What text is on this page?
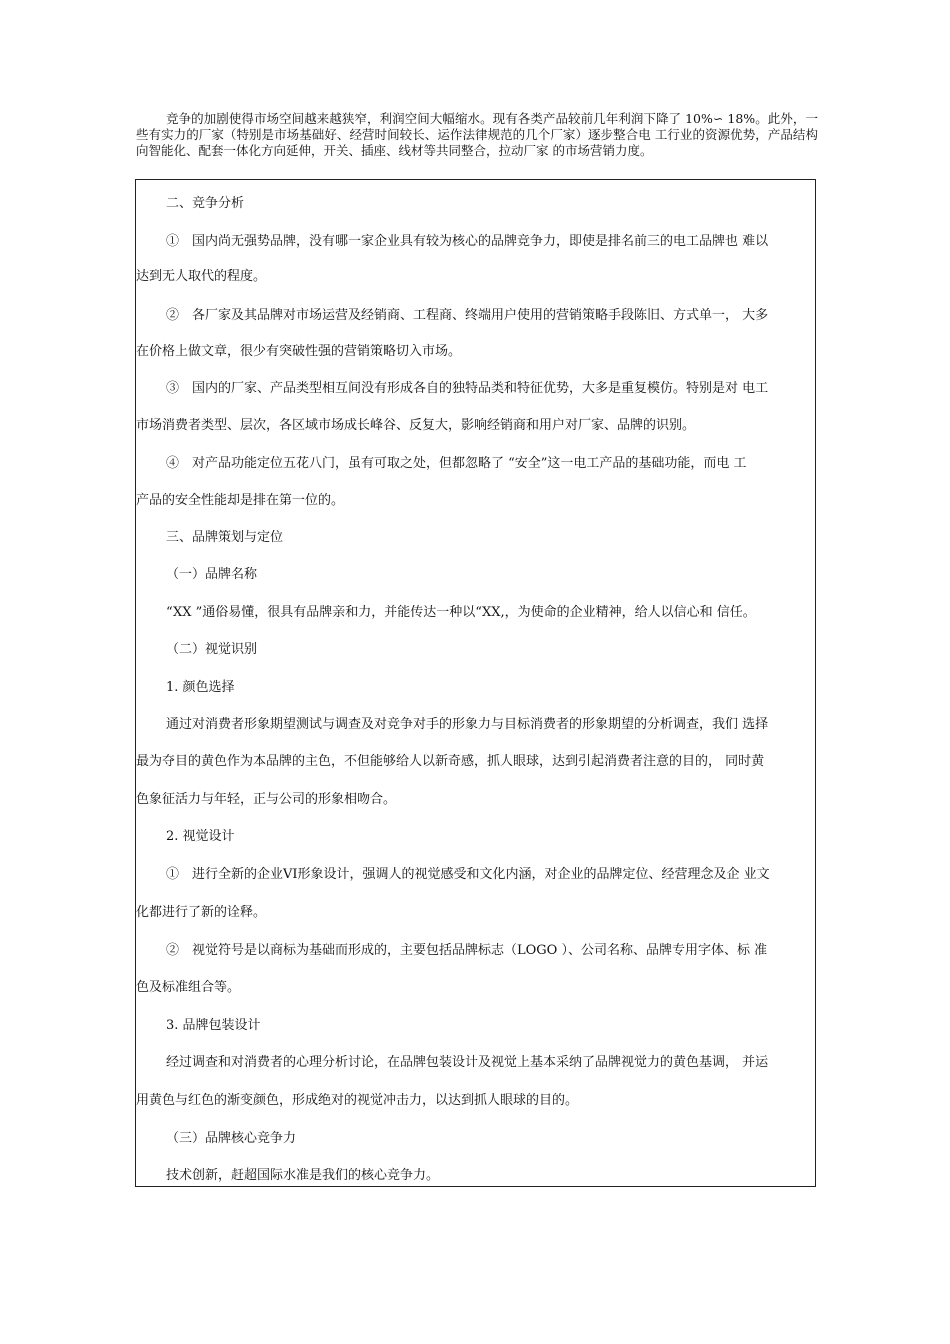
竞争的加剧使得市场空间越来越狭窄，利润空间大幅缩水。现有各类产品较前几年利润下降了 10%∽ 18%。此外，一些有实力的厂家（特别是市场基础好、经营时间较长、运作法律规范的几个厂家）逐步整合电 工行业的资源优势，产品结构向智能化、配套一体化方向延伸，开关、插座、线材等共同整合，拉动厂家 的市场营销力度。

二、竞争分析

①　国内尚无强势品牌，没有哪一家企业具有较为核心的品牌竞争力，即使是排名前三的电工品牌也 难以

达到无人取代的程度。

②　各厂家及其品牌对市场运营及经销商、工程商、终端用户使用的营销策略手段陈旧、方式单一， 大多

在价格上做文章，很少有突破性强的营销策略切入市场。

③　国内的厂家、产品类型相互间没有形成各自的独特品类和特征优势，大多是重复模仿。特别是对 电工

市场消费者类型、层次，各区域市场成长峰谷、反复大，影响经销商和用户对厂家、品牌的识别。

④　对产品功能定位五花八门，虽有可取之处，但都忽略了 “安全”这一电工产品的基础功能，而电 工

产品的安全性能却是排在第一位的。

三、品牌策划与定位

（一）品牌名称

“XX ”通俗易懂，很具有品牌亲和力，并能传达一种以“XX,，为使命的企业精神，给人以信心和 信任。

（二）视觉识别

1. 颜色选择

通过对消费者形象期望测试与调查及对竞争对手的形象力与目标消费者的形象期望的分析调查，我们 选择

最为夺目的黄色作为本品牌的主色，不但能够给人以新奇感，抓人眼球，达到引起消费者注意的目的， 同时黄

色象征活力与年轻，正与公司的形象相吻合。

2. 视觉设计

①　进行全新的企业VI形象设计，强调人的视觉感受和文化内涵，对企业的品牌定位、经营理念及企 业文

化都进行了新的诠释。

②　视觉符号是以商标为基础而形成的，主要包括品牌标志（LOGO ）、公司名称、品牌专用字体、标 准

色及标准组合等。

3. 品牌包装设计

经过调查和对消费者的心理分析讨论，在品牌包装设计及视觉上基本采纳了品牌视觉力的黄色基调， 并运

用黄色与红色的渐变颜色，形成绝对的视觉冲击力，以达到抓人眼球的目的。

（三）品牌核心竞争力

技术创新，赶超国际水准是我们的核心竞争力。
